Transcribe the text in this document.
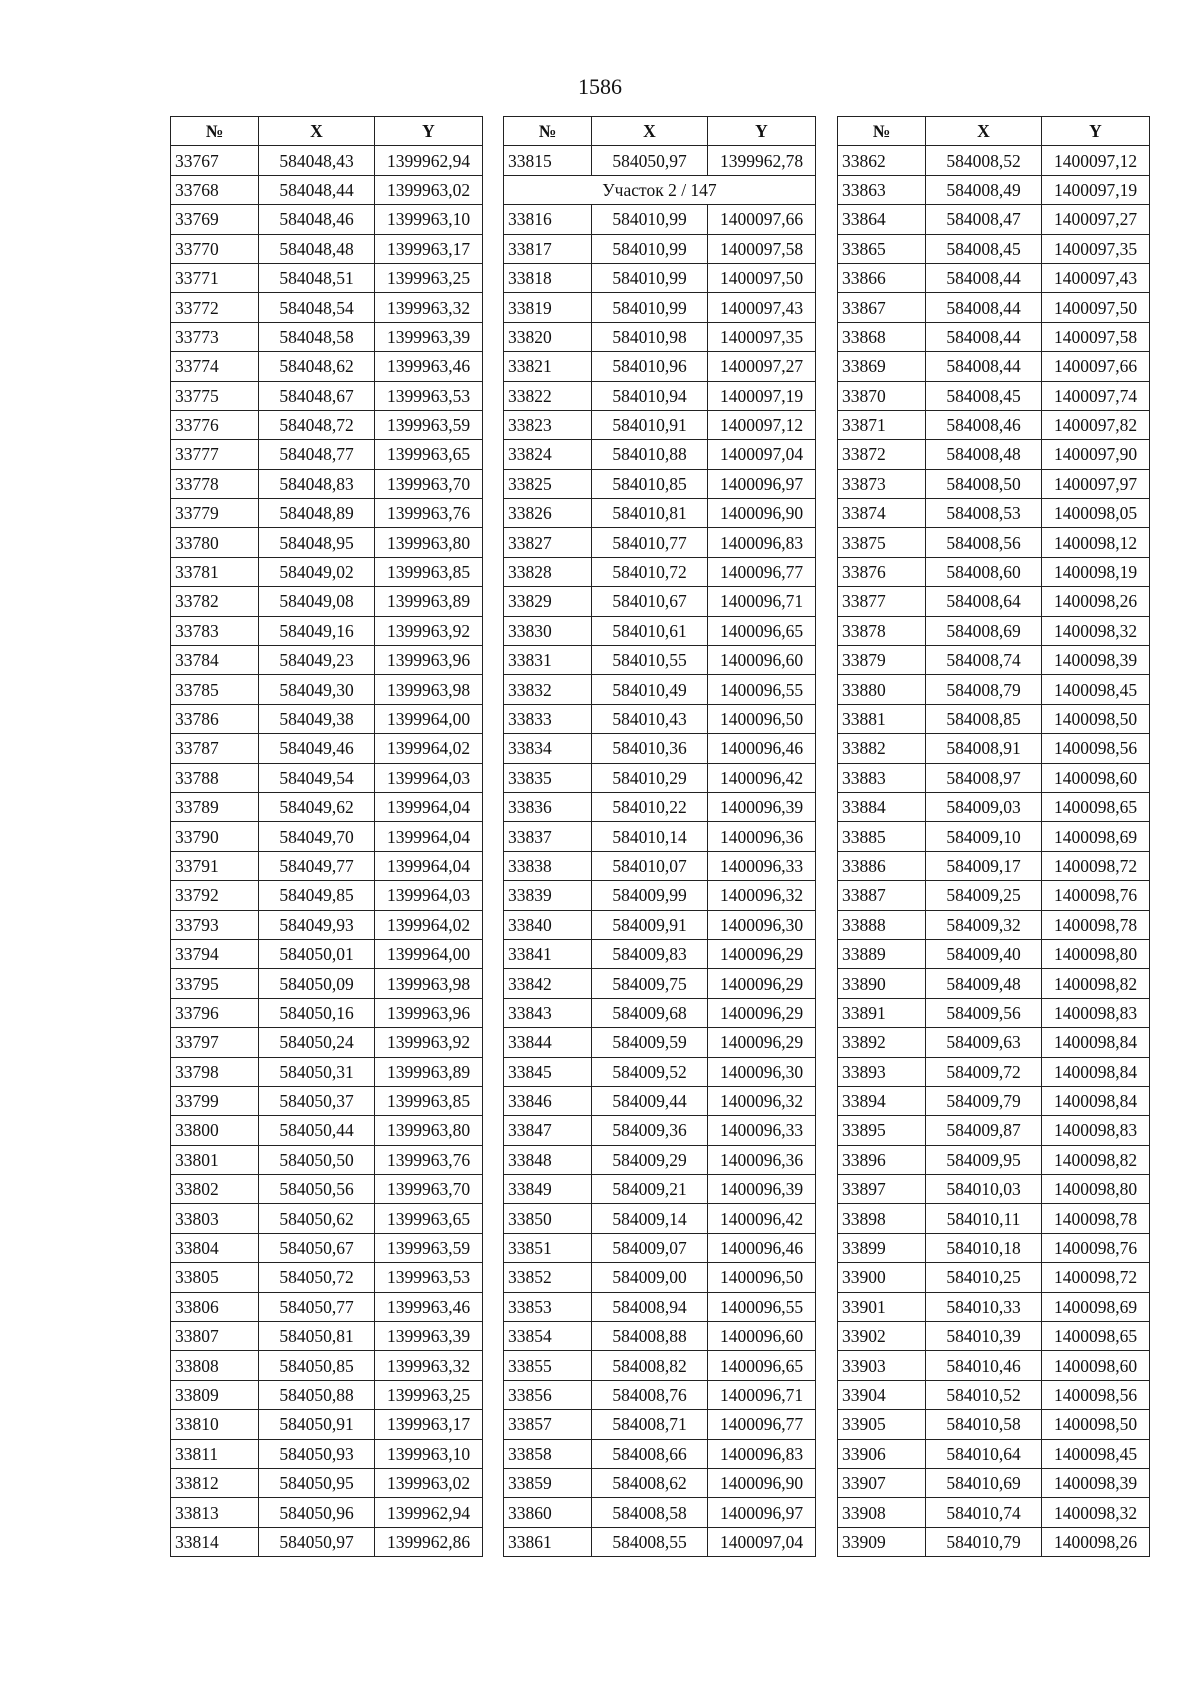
1586
№	X	Y
33767	584048,43	1399962,94
33768	584048,44	1399963,02
33769	584048,46	1399963,10
33770	584048,48	1399963,17
33771	584048,51	1399963,25
33772	584048,54	1399963,32
33773	584048,58	1399963,39
33774	584048,62	1399963,46
33775	584048,67	1399963,53
33776	584048,72	1399963,59
33777	584048,77	1399963,65
33778	584048,83	1399963,70
33779	584048,89	1399963,76
33780	584048,95	1399963,80
33781	584049,02	1399963,85
33782	584049,08	1399963,89
33783	584049,16	1399963,92
33784	584049,23	1399963,96
33785	584049,30	1399963,98
33786	584049,38	1399964,00
33787	584049,46	1399964,02
33788	584049,54	1399964,03
33789	584049,62	1399964,04
33790	584049,70	1399964,04
33791	584049,77	1399964,04
33792	584049,85	1399964,03
33793	584049,93	1399964,02
33794	584050,01	1399964,00
33795	584050,09	1399963,98
33796	584050,16	1399963,96
33797	584050,24	1399963,92
33798	584050,31	1399963,89
33799	584050,37	1399963,85
33800	584050,44	1399963,80
33801	584050,50	1399963,76
33802	584050,56	1399963,70
33803	584050,62	1399963,65
33804	584050,67	1399963,59
33805	584050,72	1399963,53
33806	584050,77	1399963,46
33807	584050,81	1399963,39
33808	584050,85	1399963,32
33809	584050,88	1399963,25
33810	584050,91	1399963,17
33811	584050,93	1399963,10
33812	584050,95	1399963,02
33813	584050,96	1399962,94
33814	584050,97	1399962,86
№	X	Y
33815	584050,97	1399962,78
Участок 2 / 147		
33816	584010,99	1400097,66
33817	584010,99	1400097,58
33818	584010,99	1400097,50
33819	584010,99	1400097,43
33820	584010,98	1400097,35
33821	584010,96	1400097,27
33822	584010,94	1400097,19
33823	584010,91	1400097,12
33824	584010,88	1400097,04
33825	584010,85	1400096,97
33826	584010,81	1400096,90
33827	584010,77	1400096,83
33828	584010,72	1400096,77
33829	584010,67	1400096,71
33830	584010,61	1400096,65
33831	584010,55	1400096,60
33832	584010,49	1400096,55
33833	584010,43	1400096,50
33834	584010,36	1400096,46
33835	584010,29	1400096,42
33836	584010,22	1400096,39
33837	584010,14	1400096,36
33838	584010,07	1400096,33
33839	584009,99	1400096,32
33840	584009,91	1400096,30
33841	584009,83	1400096,29
33842	584009,75	1400096,29
33843	584009,68	1400096,29
33844	584009,59	1400096,29
33845	584009,52	1400096,30
33846	584009,44	1400096,32
33847	584009,36	1400096,33
33848	584009,29	1400096,36
33849	584009,21	1400096,39
33850	584009,14	1400096,42
33851	584009,07	1400096,46
33852	584009,00	1400096,50
33853	584008,94	1400096,55
33854	584008,88	1400096,60
33855	584008,82	1400096,65
33856	584008,76	1400096,71
33857	584008,71	1400096,77
33858	584008,66	1400096,83
33859	584008,62	1400096,90
33860	584008,58	1400096,97
33861	584008,55	1400097,04
№	X	Y
33862	584008,52	1400097,12
33863	584008,49	1400097,19
33864	584008,47	1400097,27
33865	584008,45	1400097,35
33866	584008,44	1400097,43
33867	584008,44	1400097,50
33868	584008,44	1400097,58
33869	584008,44	1400097,66
33870	584008,45	1400097,74
33871	584008,46	1400097,82
33872	584008,48	1400097,90
33873	584008,50	1400097,97
33874	584008,53	1400098,05
33875	584008,56	1400098,12
33876	584008,60	1400098,19
33877	584008,64	1400098,26
33878	584008,69	1400098,32
33879	584008,74	1400098,39
33880	584008,79	1400098,45
33881	584008,85	1400098,50
33882	584008,91	1400098,56
33883	584008,97	1400098,60
33884	584009,03	1400098,65
33885	584009,10	1400098,69
33886	584009,17	1400098,72
33887	584009,25	1400098,76
33888	584009,32	1400098,78
33889	584009,40	1400098,80
33890	584009,48	1400098,82
33891	584009,56	1400098,83
33892	584009,63	1400098,84
33893	584009,72	1400098,84
33894	584009,79	1400098,84
33895	584009,87	1400098,83
33896	584009,95	1400098,82
33897	584010,03	1400098,80
33898	584010,11	1400098,78
33899	584010,18	1400098,76
33900	584010,25	1400098,72
33901	584010,33	1400098,69
33902	584010,39	1400098,65
33903	584010,46	1400098,60
33904	584010,52	1400098,56
33905	584010,58	1400098,50
33906	584010,64	1400098,45
33907	584010,69	1400098,39
33908	584010,74	1400098,32
33909	584010,79	1400098,26
